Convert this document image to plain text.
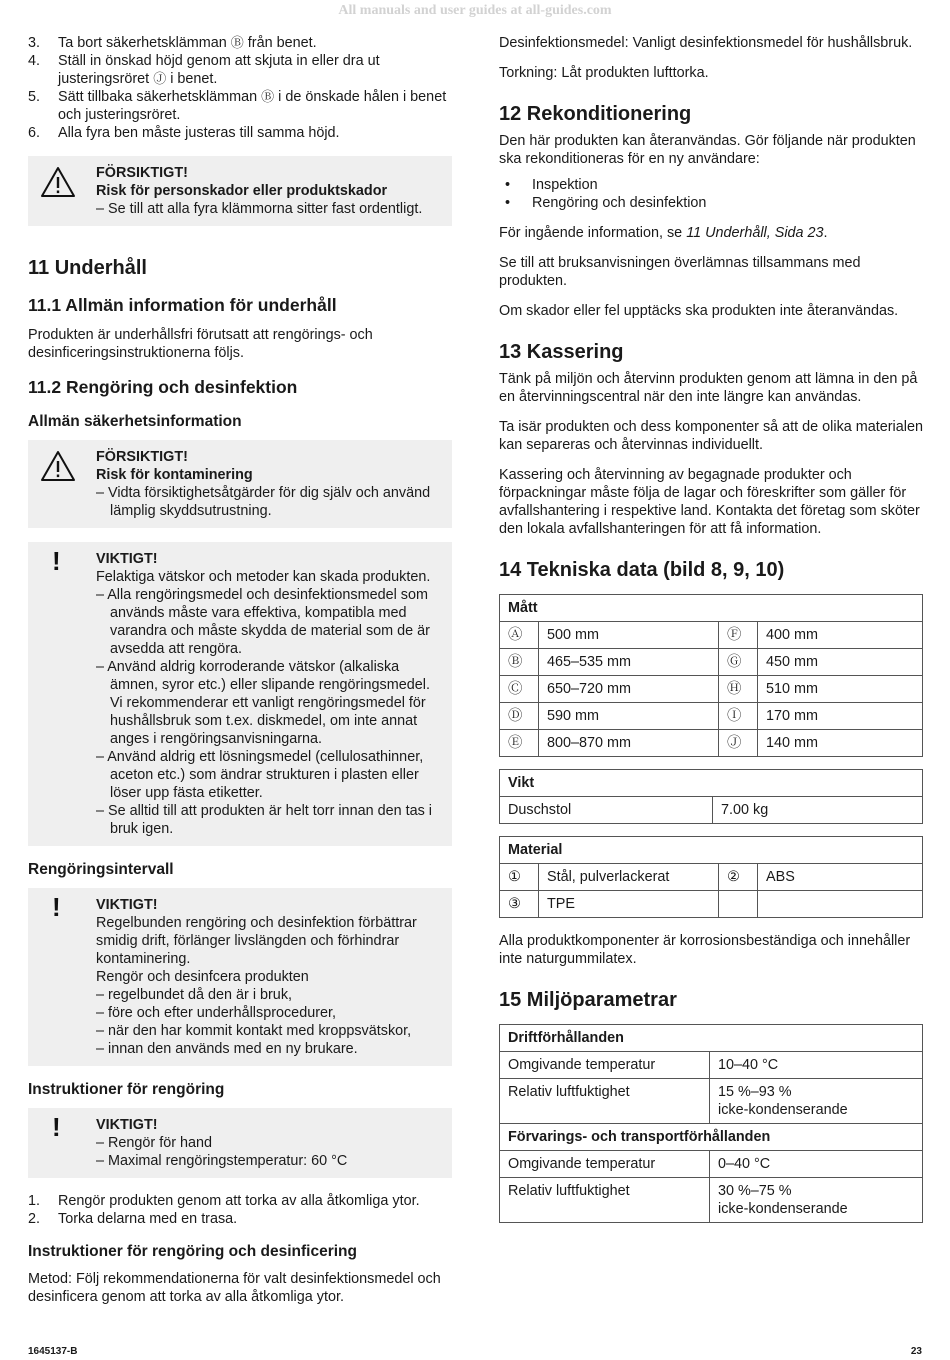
All manuals and user guides at all-guides.com
3. Ta bort säkerhetsklämman Ⓑ från benet.
4. Ställ in önskad höjd genom att skjuta in eller dra ut justeringsröret Ⓙ i benet.
5. Sätt tillbaka säkerhetsklämman Ⓑ i de önskade hålen i benet och justeringsröret.
6. Alla fyra ben måste justeras till samma höjd.
FÖRSIKTIGT!
Risk för personskador eller produktskador
– Se till att alla fyra klämmorna sitter fast ordentligt.
11 Underhåll
11.1 Allmän information för underhåll

Produkten är underhållsfri förutsatt att rengörings- och desinficeringsinstruktionerna följs.

11.2 Rengöring och desinfektion
Allmän säkerhetsinformation
FÖRSIKTIGT!
Risk för kontaminering
– Vidta försiktighetsåtgärder för dig själv och använd lämplig skyddsutrustning.
! VIKTIGT!
Felaktiga vätskor och metoder kan skada produkten.
– Alla rengöringsmedel och desinfektionsmedel som används måste vara effektiva, kompatibla med varandra och måste skydda de material som de är avsedda att rengöra.
– Använd aldrig korroderande vätskor (alkaliska ämnen, syror etc.) eller slipande rengöringsmedel. Vi rekommenderar ett vanligt rengöringsmedel för hushållsbruk som t.ex. diskmedel, om inte annat anges i rengöringsanvisningarna.
– Använd aldrig ett lösningsmedel (cellulosathinner, aceton etc.) som ändrar strukturen i plasten eller löser upp fästa etiketter.
– Se alltid till att produkten är helt torr innan den tas i bruk igen.
Rengöringsintervall
! VIKTIGT!
Regelbunden rengöring och desinfektion förbättrar smidig drift, förlänger livslängden och förhindrar kontaminering.
Rengör och desinfcera produkten
– regelbundet då den är i bruk,
– före och efter underhållsprocedurer,
– när den har kommit kontakt med kroppsvätskor,
– innan den används med en ny brukare.
Instruktioner för rengöring
! VIKTIGT!
– Rengör för hand
– Maximal rengöringstemperatur: 60 °C
1. Rengör produkten genom att torka av alla åtkomliga ytor.
2. Torka delarna med en trasa.
Instruktioner för rengöring och desinficering

Metod: Följ rekommendationerna för valt desinfektionsmedel och desinficera genom att torka av alla åtkomliga ytor.

Desinfektionsmedel: Vanligt desinfektionsmedel för hushållsbruk.

Torkning: Låt produkten lufttorka.

12 Rekonditionering

Den här produkten kan återanvändas. Gör följande när produkten ska rekonditioneras för en ny användare:

• Inspektion
• Rengöring och desinfektion

För ingående information, se 11 Underhåll, Sida 23.

Se till att bruksanvisningen överlämnas tillsammans med produkten.

Om skador eller fel upptäcks ska produkten inte återanvändas.

13 Kassering

Tänk på miljön och återvinn produkten genom att lämna in den på en återvinningscentral när den inte längre kan användas.

Ta isär produkten och dess komponenter så att de olika materialen kan separeras och återvinnas individuellt.

Kassering och återvinning av begagnade produkter och förpackningar måste följa de lagar och föreskrifter som gäller för avfallshantering i respektive land. Kontakta det företag som sköter den lokala avfallshanteringen för att få information.

14 Tekniska data (bild 8, 9, 10)
Mått			
Ⓐ	500 mm	Ⓕ	400 mm
Ⓑ	465–535 mm	Ⓖ	450 mm
Ⓒ	650–720 mm	Ⓗ	510 mm
Ⓓ	590 mm	Ⓘ	170 mm
Ⓔ	800–870 mm	Ⓙ	140 mm
Vikt
Duschstol	7.00 kg
Material			
①	Stål, pulverlackerat	②	ABS
③	TPE		

Alla produktkomponenter är korrosionsbeständiga och innehåller inte naturgummilatex.

15 Miljöparametrar
Driftförhållanden	
Omgivande temperatur	10–40 °C

Relativ luftfuktighet	15 %–93 %
icke-kondenserande

Förvarings- och transportförhållanden	
Omgivande temperatur	0–40 °C

Relativ luftfuktighet	30 %–75 %
icke-kondenserande
1645137-B	23
